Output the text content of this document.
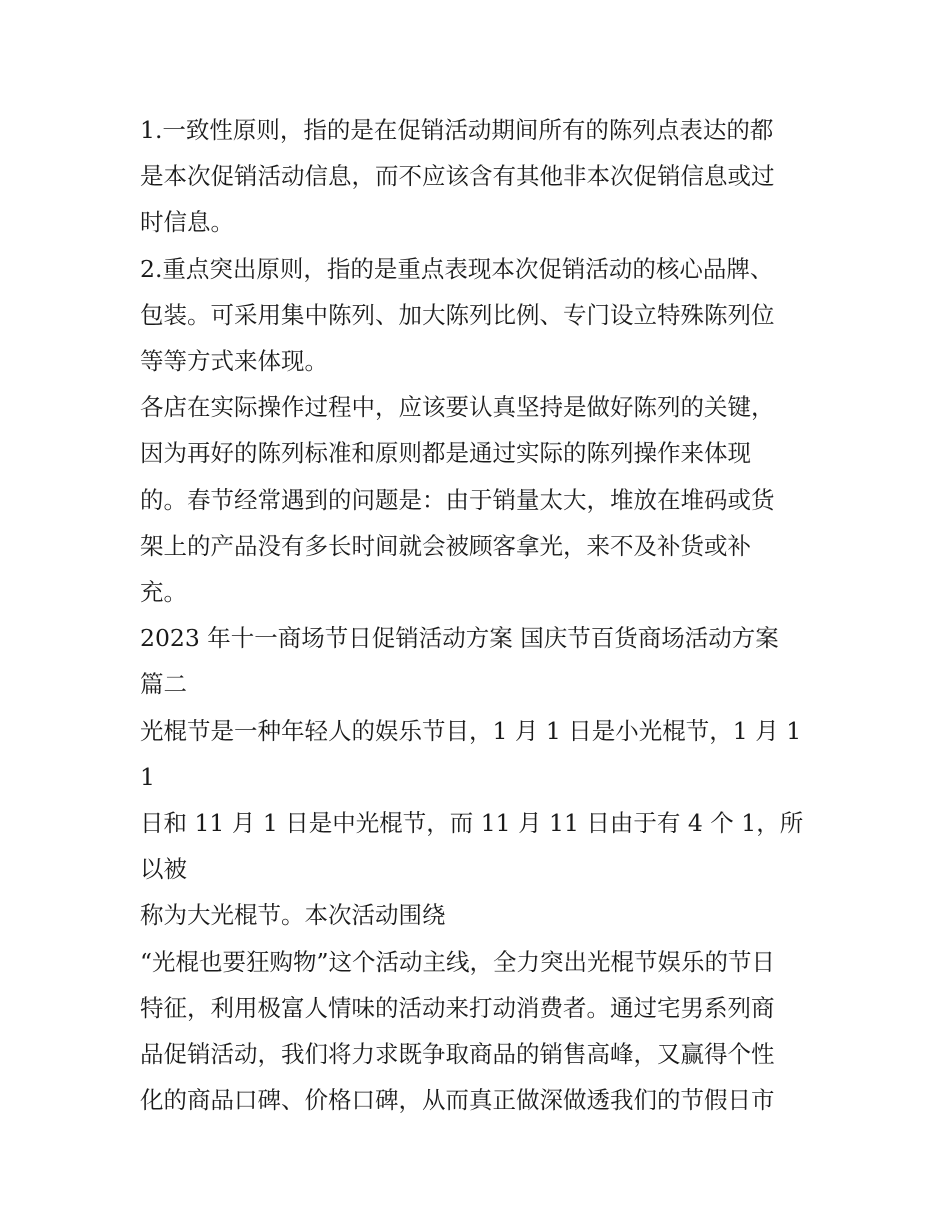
1.一致性原则，指的是在促销活动期间所有的陈列点表达的都
是本次促销活动信息，而不应该含有其他非本次促销信息或过
时信息。

2.重点突出原则，指的是重点表现本次促销活动的核心品牌、
包装。可采用集中陈列、加大陈列比例、专门设立特殊陈列位
等等方式来体现。

各店在实际操作过程中，应该要认真坚持是做好陈列的关键，
因为再好的陈列标准和原则都是通过实际的陈列操作来体现
的。春节经常遇到的问题是：由于销量太大，堆放在堆码或货
架上的产品没有多长时间就会被顾客拿光，来不及补货或补
充。

2023 年十一商场节日促销活动方案 国庆节百货商场活动方案
篇二

光棍节是一种年轻人的娱乐节目，1 月 1 日是小光棍节，1 月 11
日和 11 月 1 日是中光棍节，而 11 月 11 日由于有 4 个 1，所以被
称为大光棍节。本次活动围绕

“光棍也要狂购物”这个活动主线，全力突出光棍节娱乐的节日
特征，利用极富人情味的活动来打动消费者。通过宅男系列商
品促销活动，我们将力求既争取商品的销售高峰，又赢得个性
化的商品口碑、价格口碑，从而真正做深做透我们的节假日市
